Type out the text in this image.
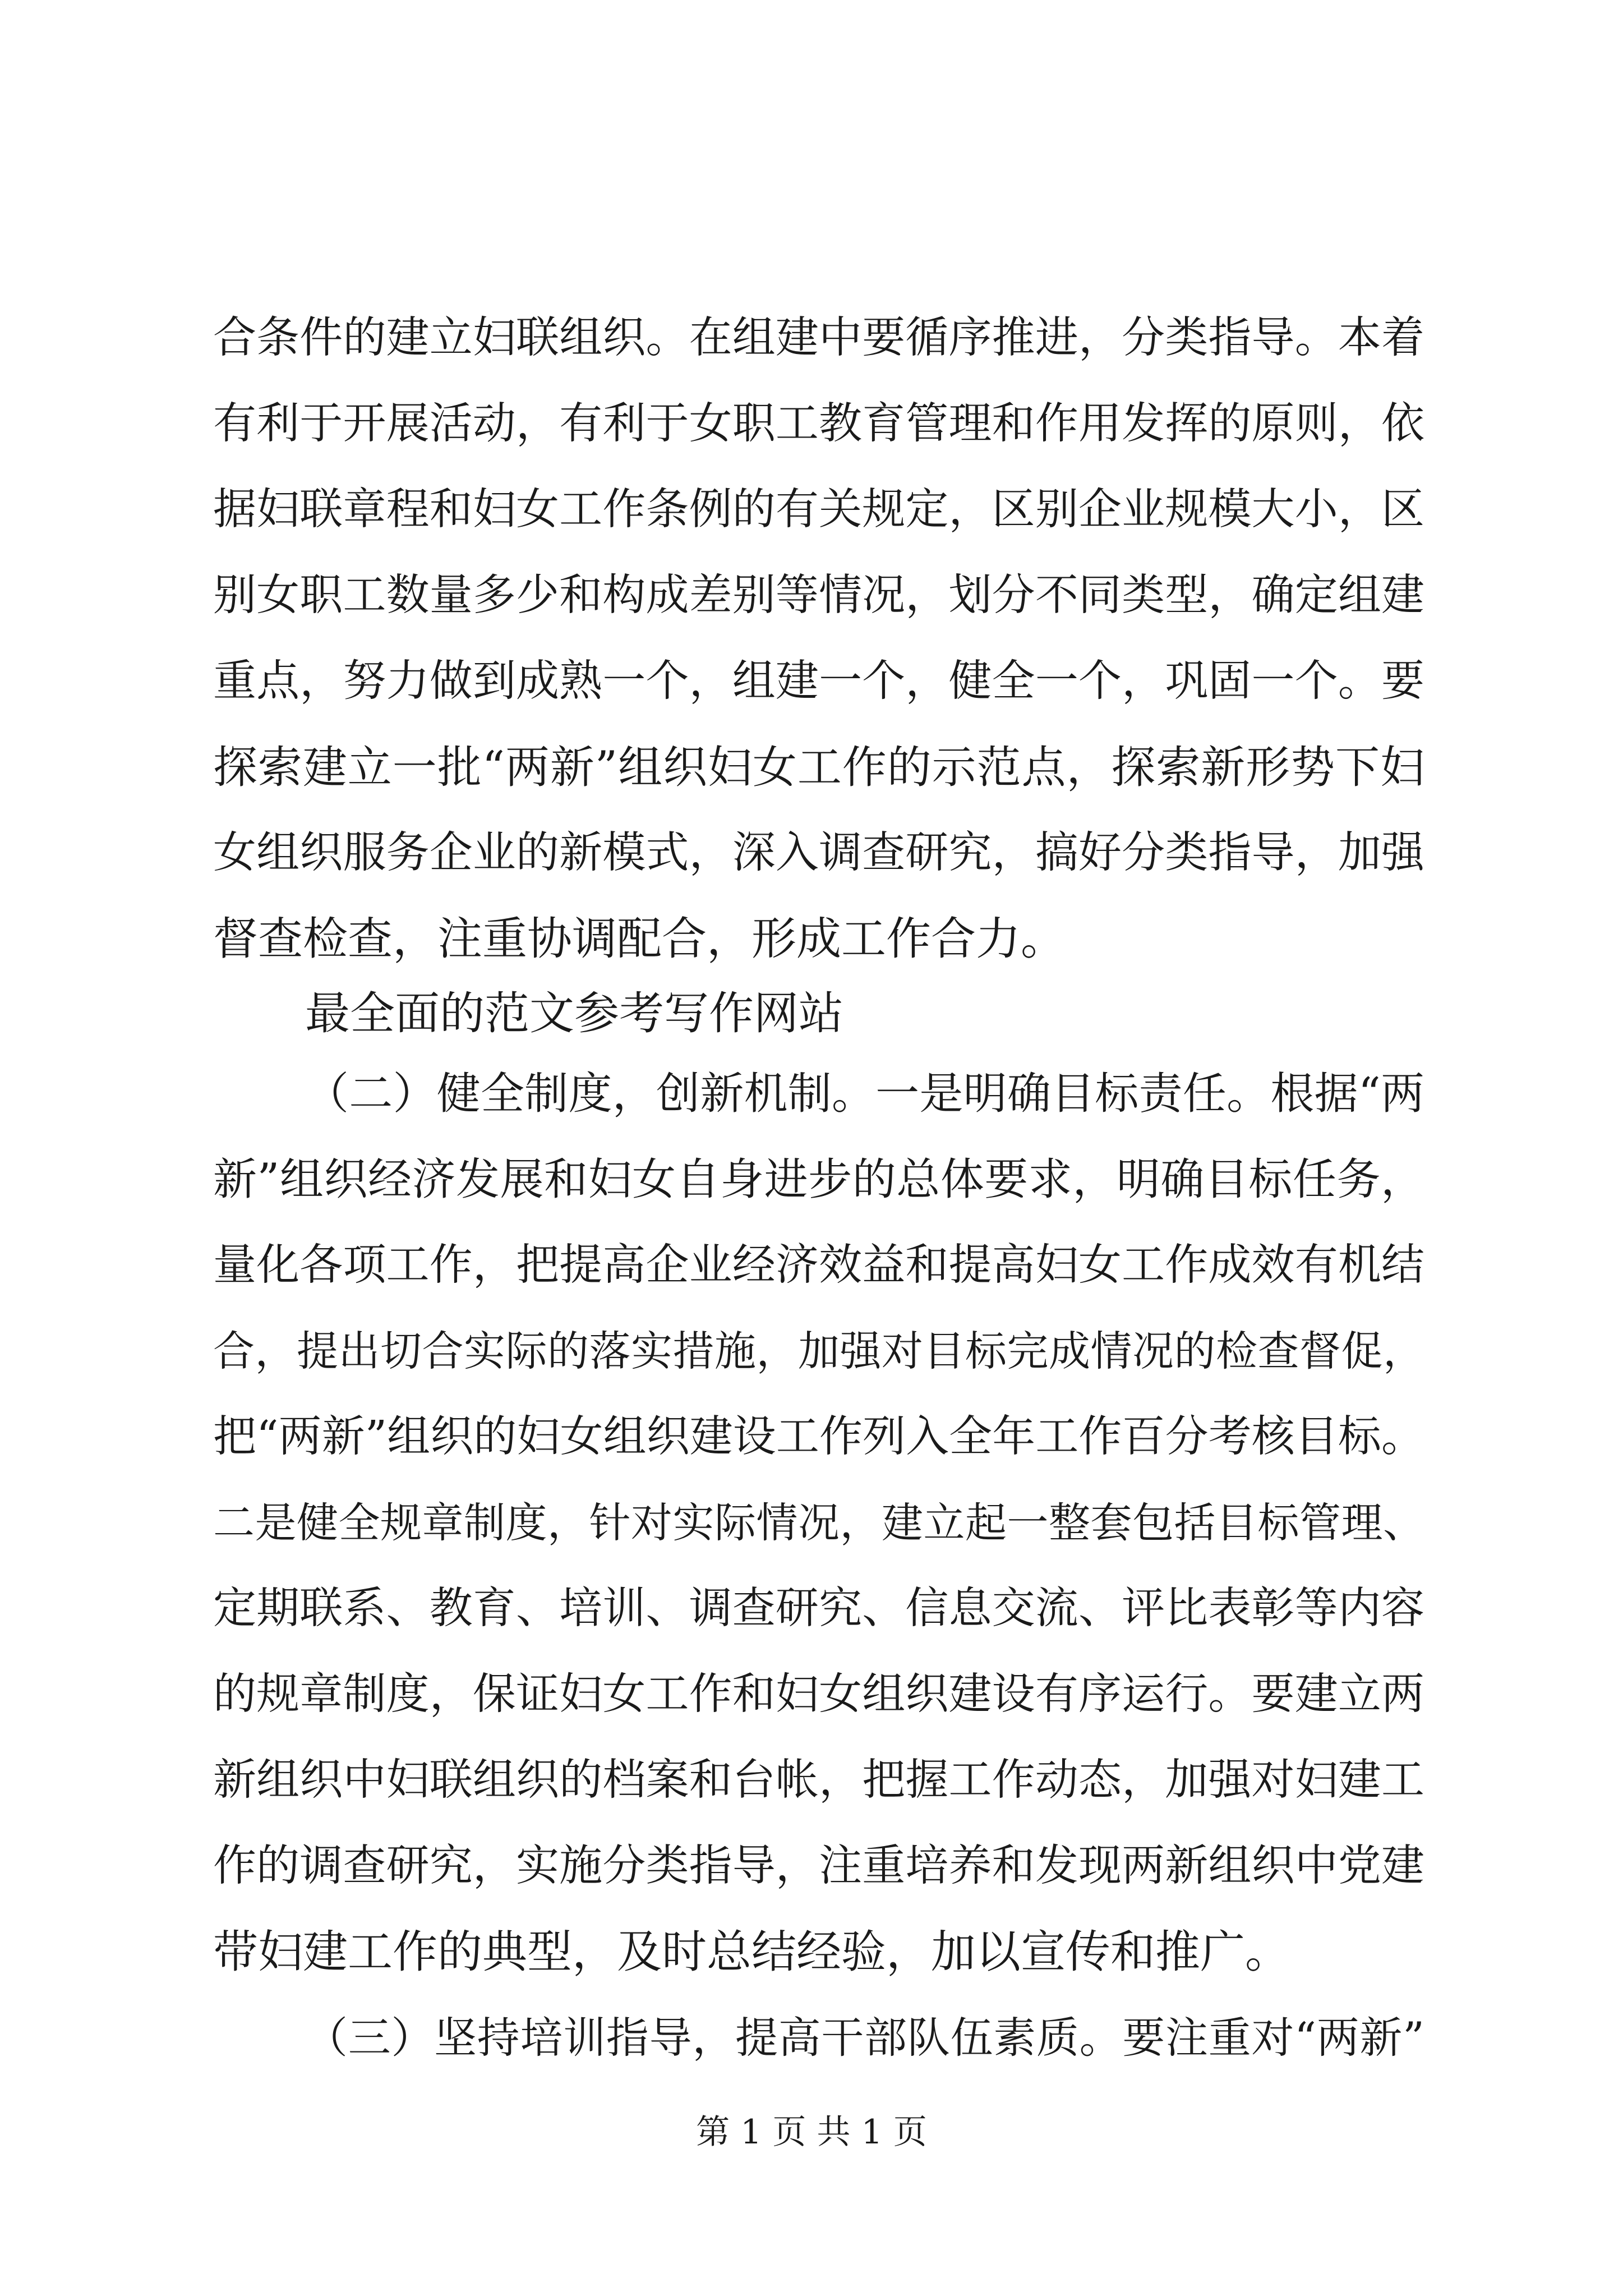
合条件的建立妇联组织。在组建中要循序推进，分类指导。本着
有利于开展活动，有利于女职工教育管理和作用发挥的原则，依
据妇联章程和妇女工作条例的有关规定，区别企业规模大小，区
别女职工数量多少和构成差别等情况，划分不同类型，确定组建
重点，努力做到成熟一个，组建一个，健全一个，巩固一个。要
探索建立一批“两新”组织妇女工作的示范点，探索新形势下妇
女组织服务企业的新模式，深入调查研究，搞好分类指导，加强
督查检查，注重协调配合，形成工作合力。
最全面的范文参考写作网站
（二）健全制度，创新机制。一是明确目标责任。根据“两
新”组织经济发展和妇女自身进步的总体要求，明确目标任务，
量化各项工作，把提高企业经济效益和提高妇女工作成效有机结
合，提出切合实际的落实措施，加强对目标完成情况的检查督促，
把“两新”组织的妇女组织建设工作列入全年工作百分考核目标。
二是健全规章制度，针对实际情况，建立起一整套包括目标管理、
定期联系、教育、培训、调查研究、信息交流、评比表彰等内容
的规章制度，保证妇女工作和妇女组织建设有序运行。要建立两
新组织中妇联组织的档案和台帐，把握工作动态，加强对妇建工
作的调查研究，实施分类指导，注重培养和发现两新组织中党建
带妇建工作的典型，及时总结经验，加以宣传和推广。
（三）坚持培训指导，提高干部队伍素质。要注重对“两新”
第 1 页 共 1 页
